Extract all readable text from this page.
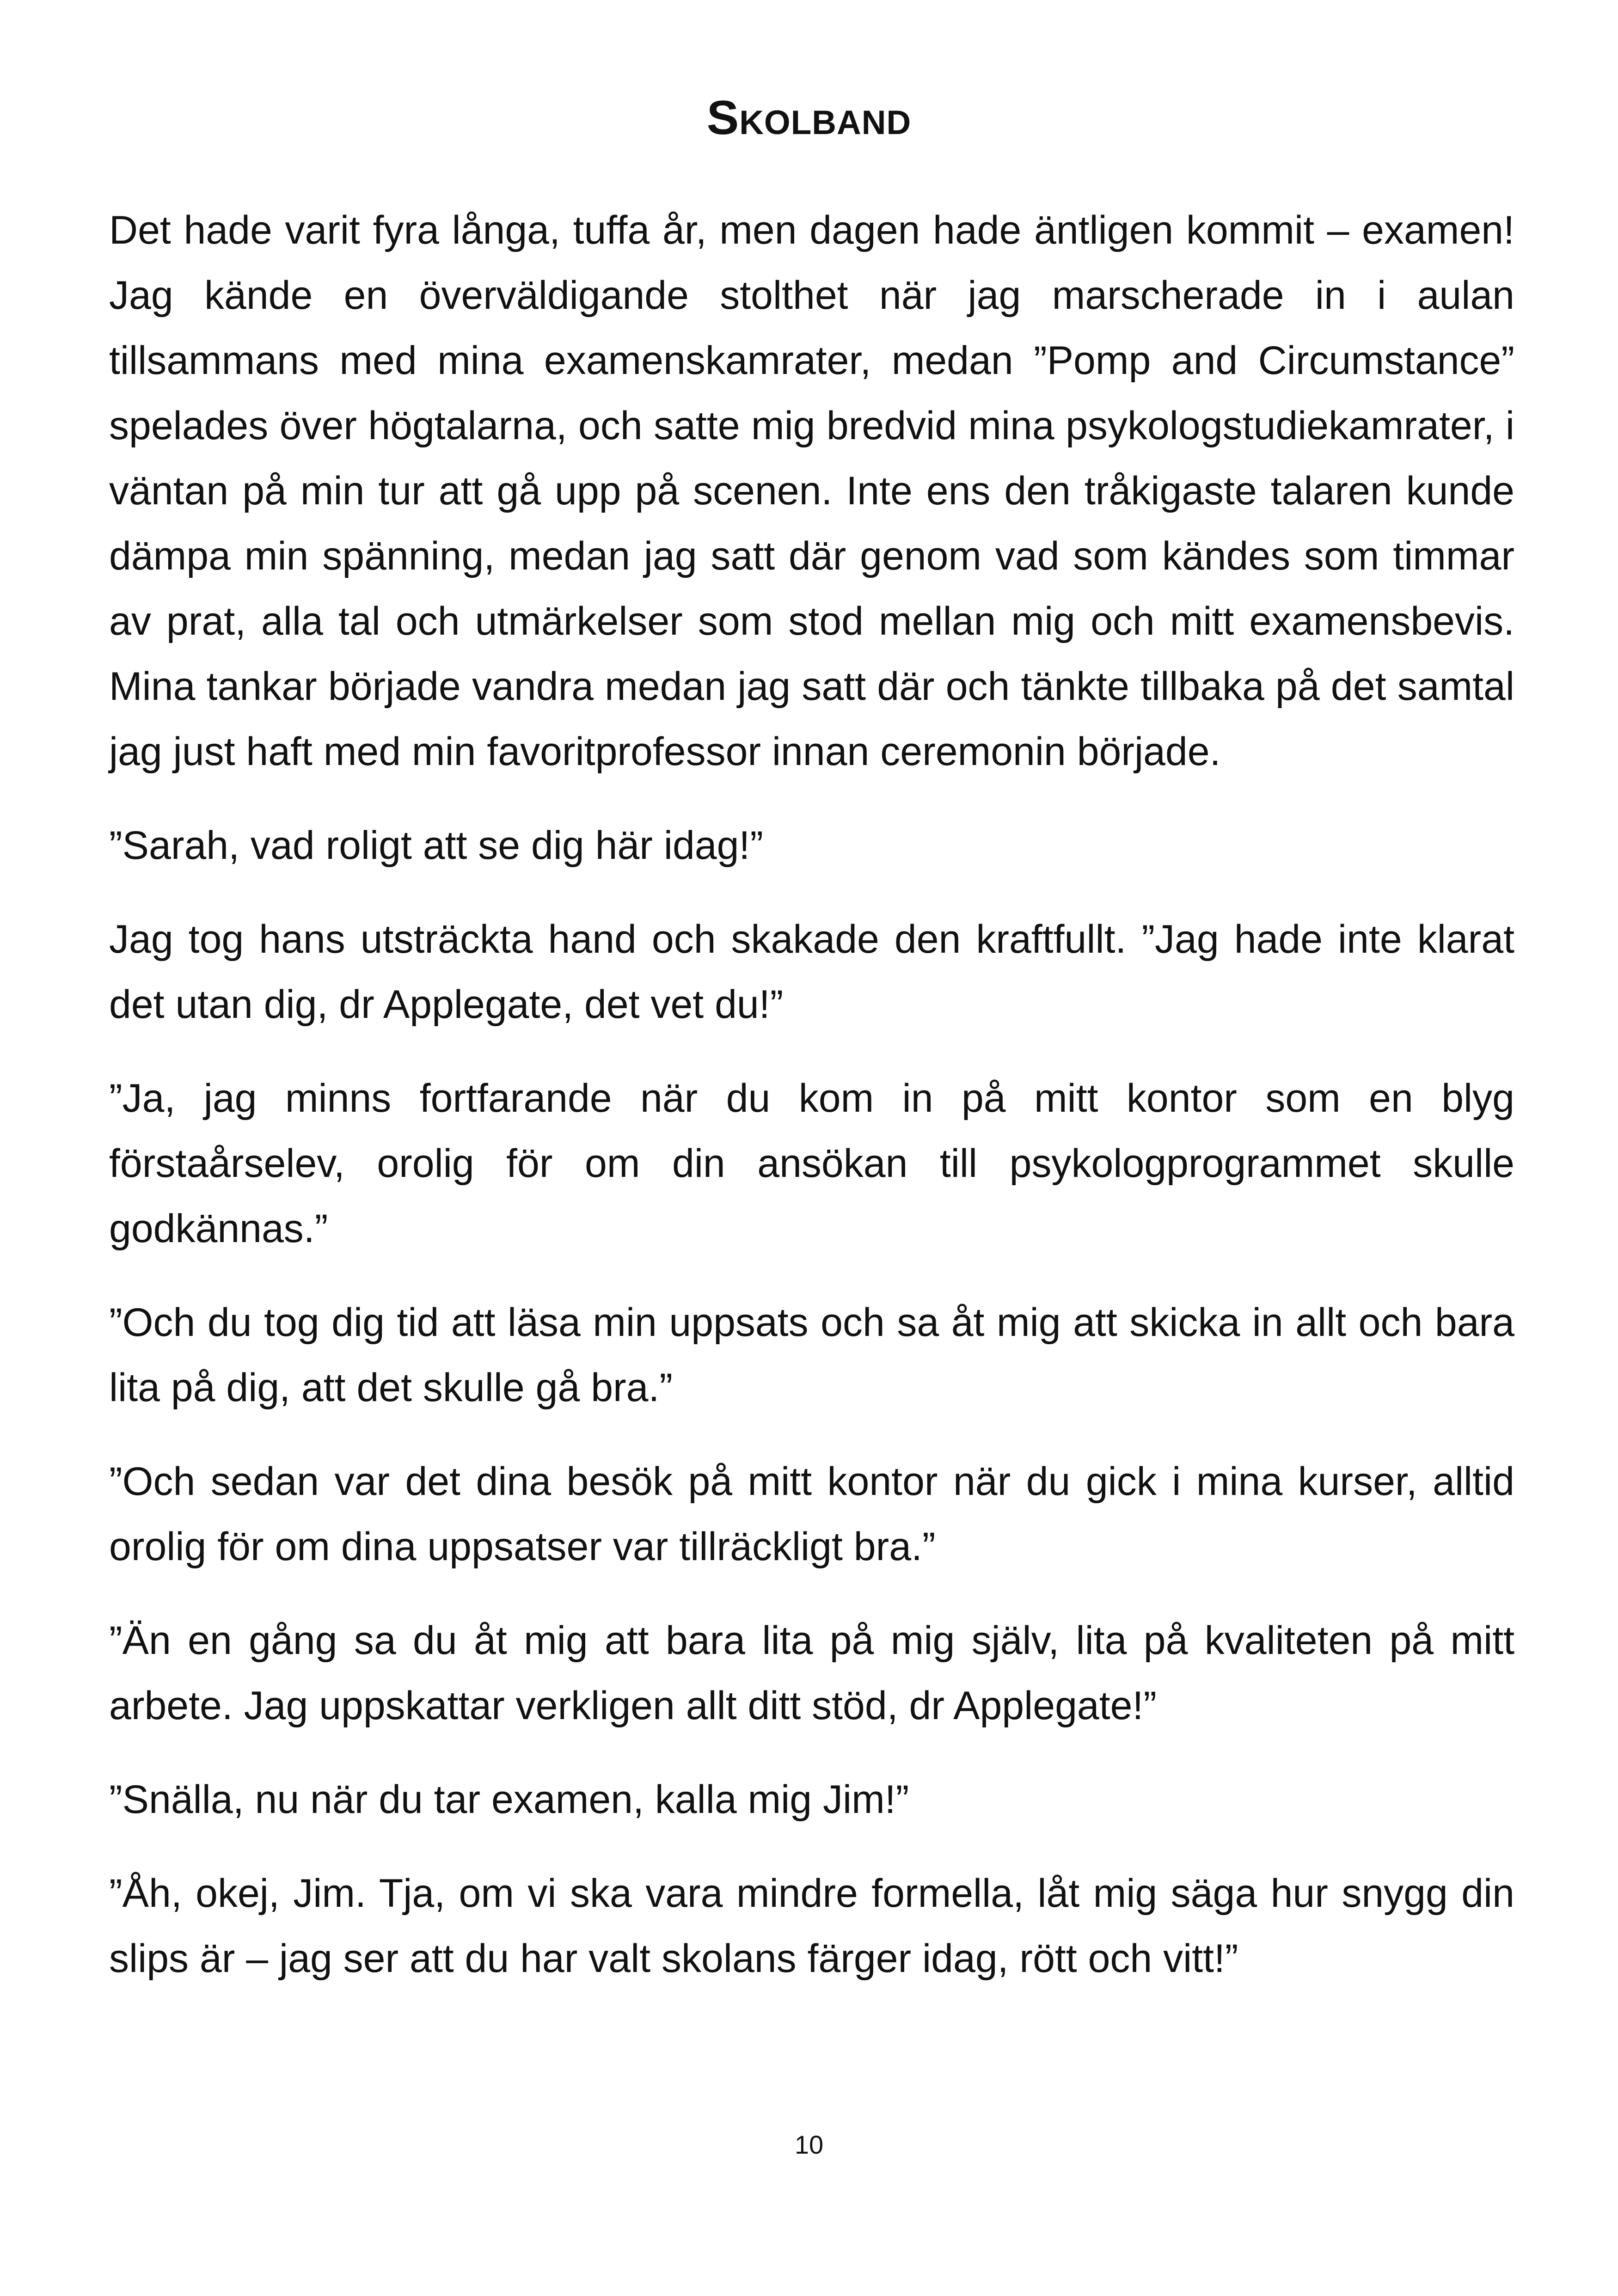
Skolband

Det hade varit fyra långa, tuffa år, men dagen hade äntligen kommit – examen! Jag kände en överväldigande stolthet när jag marscherade in i aulan tillsammans med mina examenskamrater, medan ”Pomp and Circumstance” spelades över högtalarna, och satte mig bredvid mina psykologstudiekamrater, i väntan på min tur att gå upp på scenen. Inte ens den tråkigaste talaren kunde dämpa min spänning, medan jag satt där genom vad som kändes som timmar av prat, alla tal och utmärkelser som stod mellan mig och mitt examensbevis. Mina tankar började vandra medan jag satt där och tänkte tillbaka på det samtal jag just haft med min favoritprofessor innan ceremonin började.

”Sarah, vad roligt att se dig här idag!”

Jag tog hans utsträckta hand och skakade den kraftfullt. ”Jag hade inte klarat det utan dig, dr Applegate, det vet du!”

”Ja, jag minns fortfarande när du kom in på mitt kontor som en blyg förstaårselev, orolig för om din ansökan till psykologprogrammet skulle godkännas.”

”Och du tog dig tid att läsa min uppsats och sa åt mig att skicka in allt och bara lita på dig, att det skulle gå bra.”

”Och sedan var det dina besök på mitt kontor när du gick i mina kurser, alltid orolig för om dina uppsatser var tillräckligt bra.”

”Än en gång sa du åt mig att bara lita på mig själv, lita på kvaliteten på mitt arbete. Jag uppskattar verkligen allt ditt stöd, dr Applegate!”

”Snälla, nu när du tar examen, kalla mig Jim!”

”Åh, okej, Jim. Tja, om vi ska vara mindre formella, låt mig säga hur snygg din slips är – jag ser att du har valt skolans färger idag, rött och vitt!”

10
